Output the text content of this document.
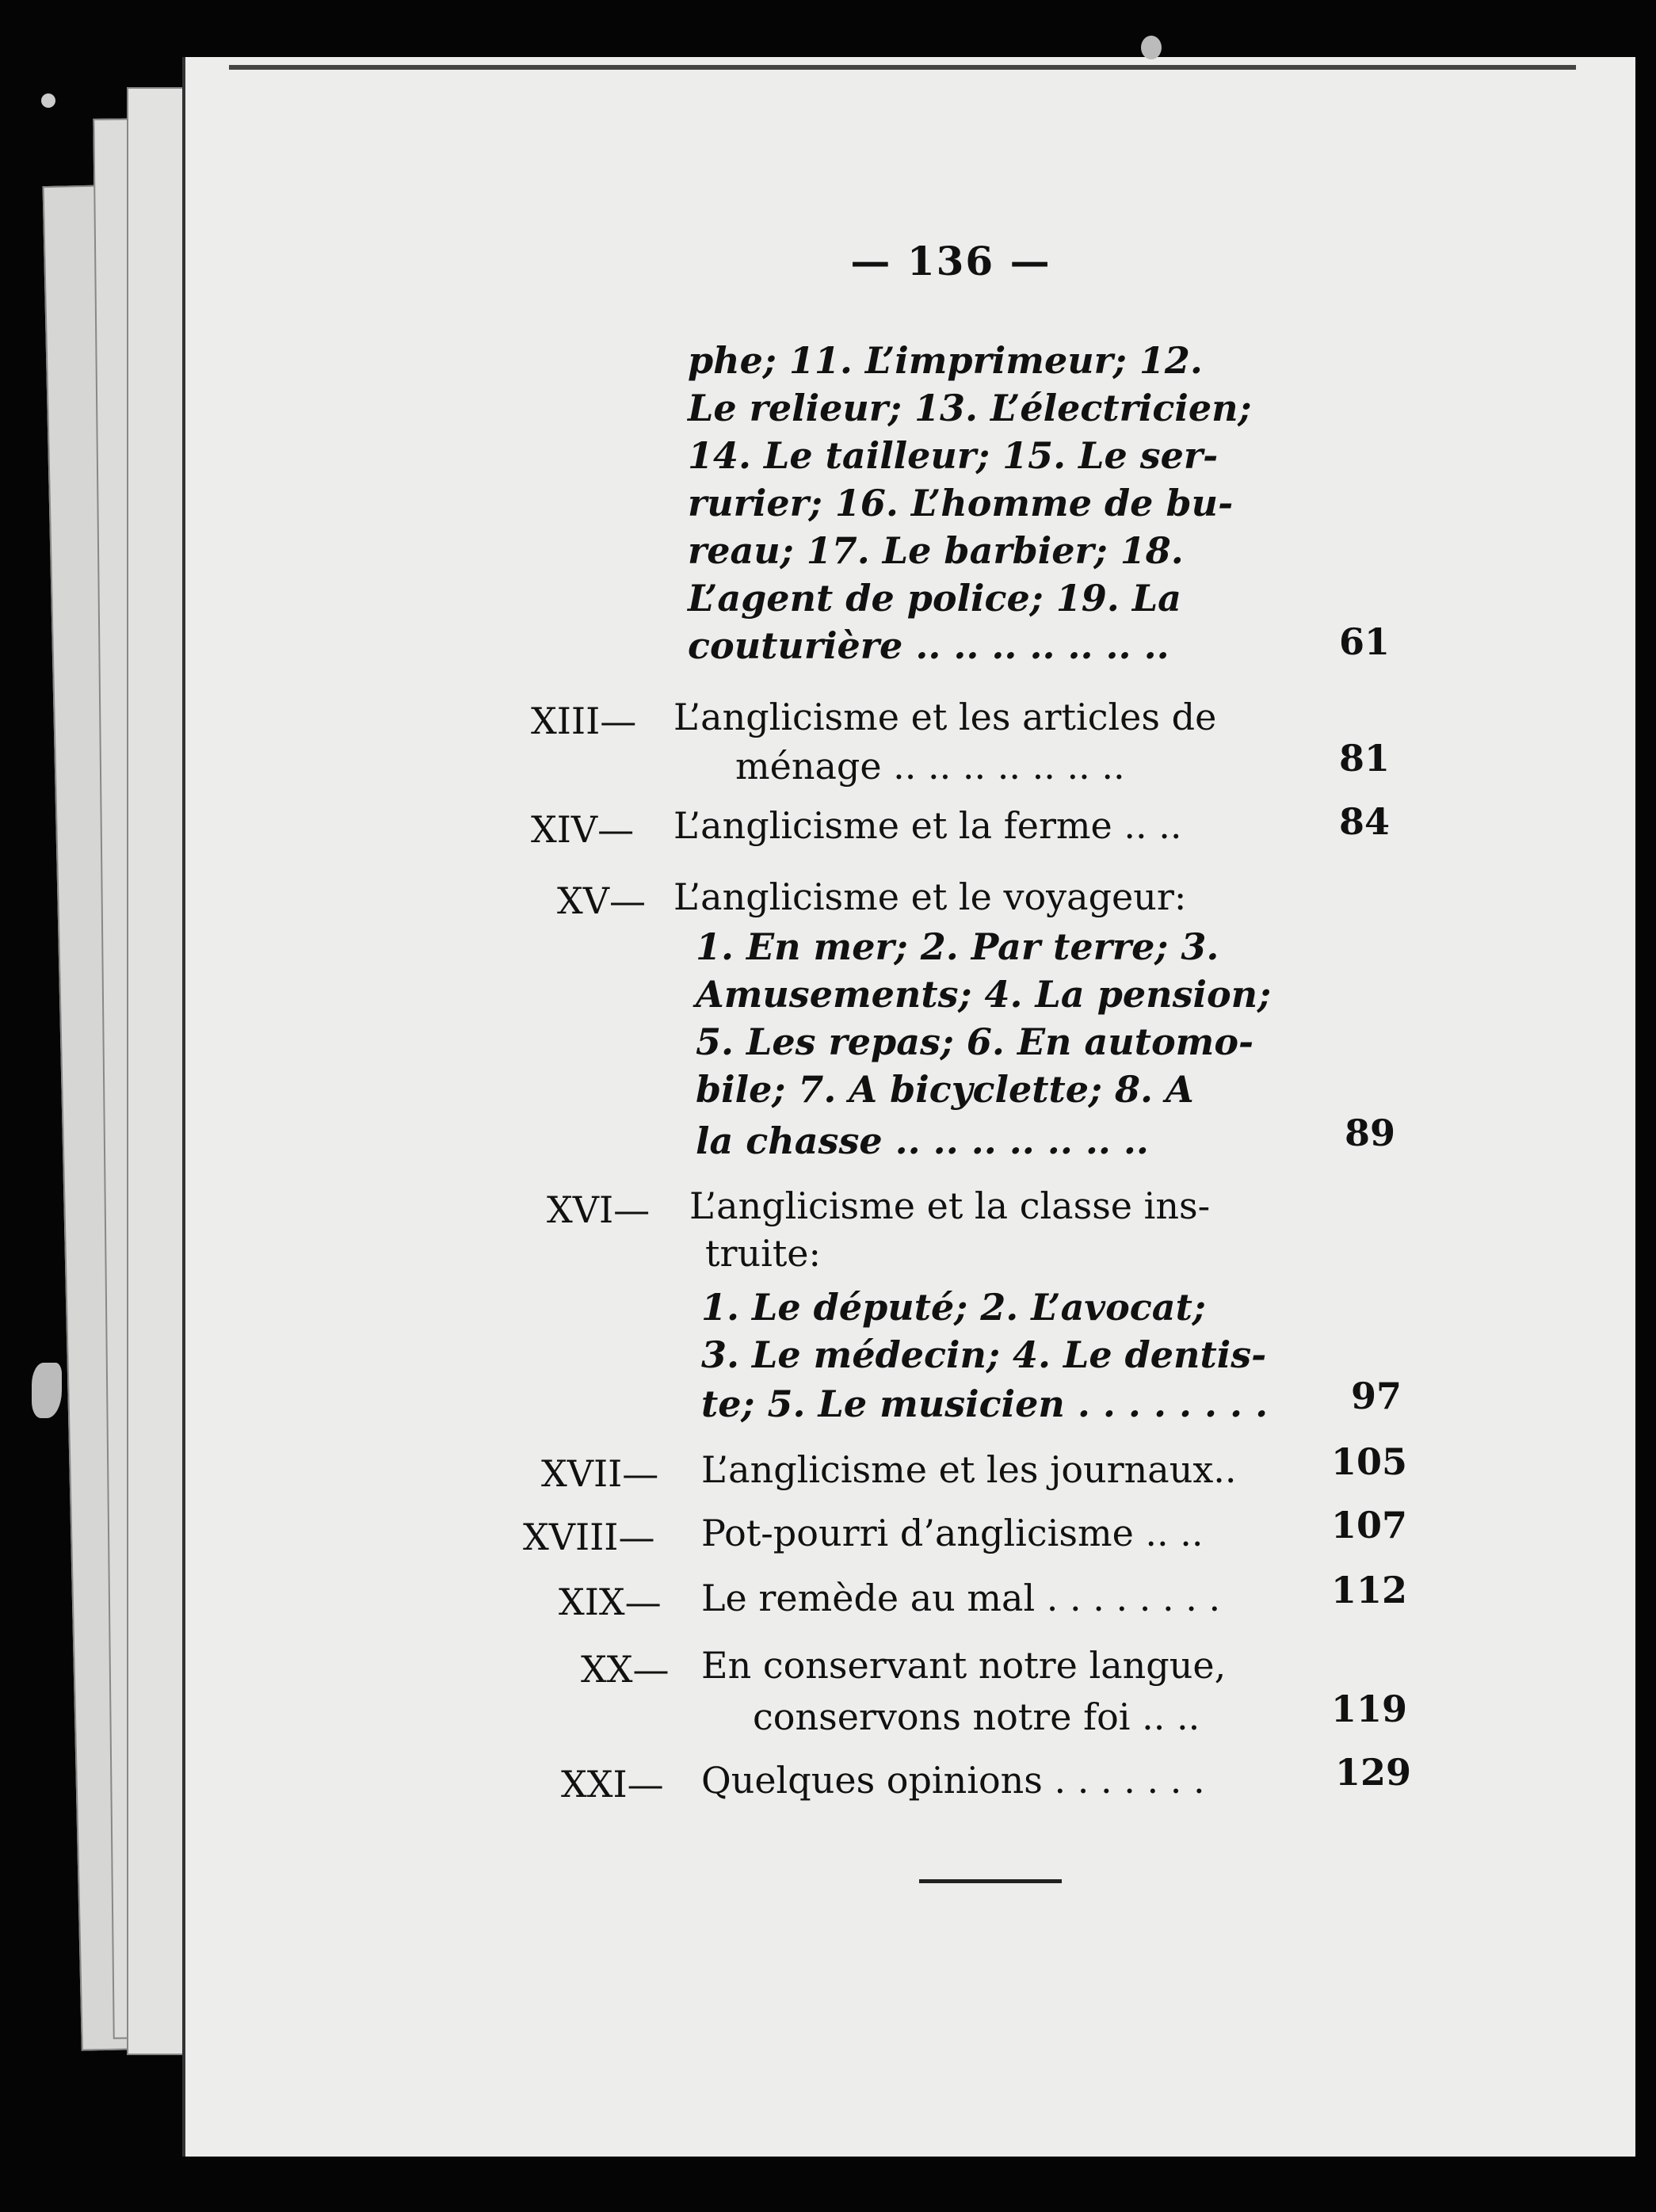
— 136 —
phe; 11. L’imprimeur; 12.
Le relieur; 13. L’électricien;
14. Le tailleur; 15. Le ser-
rurier; 16. L’homme de bu-
reau; 17. Le barbier; 18.
L’agent de police; 19. La
couturière .. .. .. .. .. .. ..	61
XIII— L’anglicisme et les articles de
ménage .. .. .. .. .. .. ..	81
XIV— L’anglicisme et la ferme .. ..	84
XV— L’anglicisme et le voyageur:
1. En mer; 2. Par terre; 3.
Amusements; 4. La pension;
5. Les repas; 6. En automo-
bile; 7. A bicyclette; 8. A
la chasse .. .. .. .. .. .. ..	89
XVI— L’anglicisme et la classe ins-
truite:
1. Le député; 2. L’avocat;
3. Le médecin; 4. Le dentis-
te; 5. Le musicien . . . . . . . . 97
XVII— L’anglicisme et les journaux..	105
XVIII— Pot-pourri d’anglicisme .. ..	107
XIX— Le remède au mal . . . . . . . .	112
XX— En conservant notre langue,
conservons notre foi .. ..	119
XXI— Quelques opinions . . . . . . .	129
